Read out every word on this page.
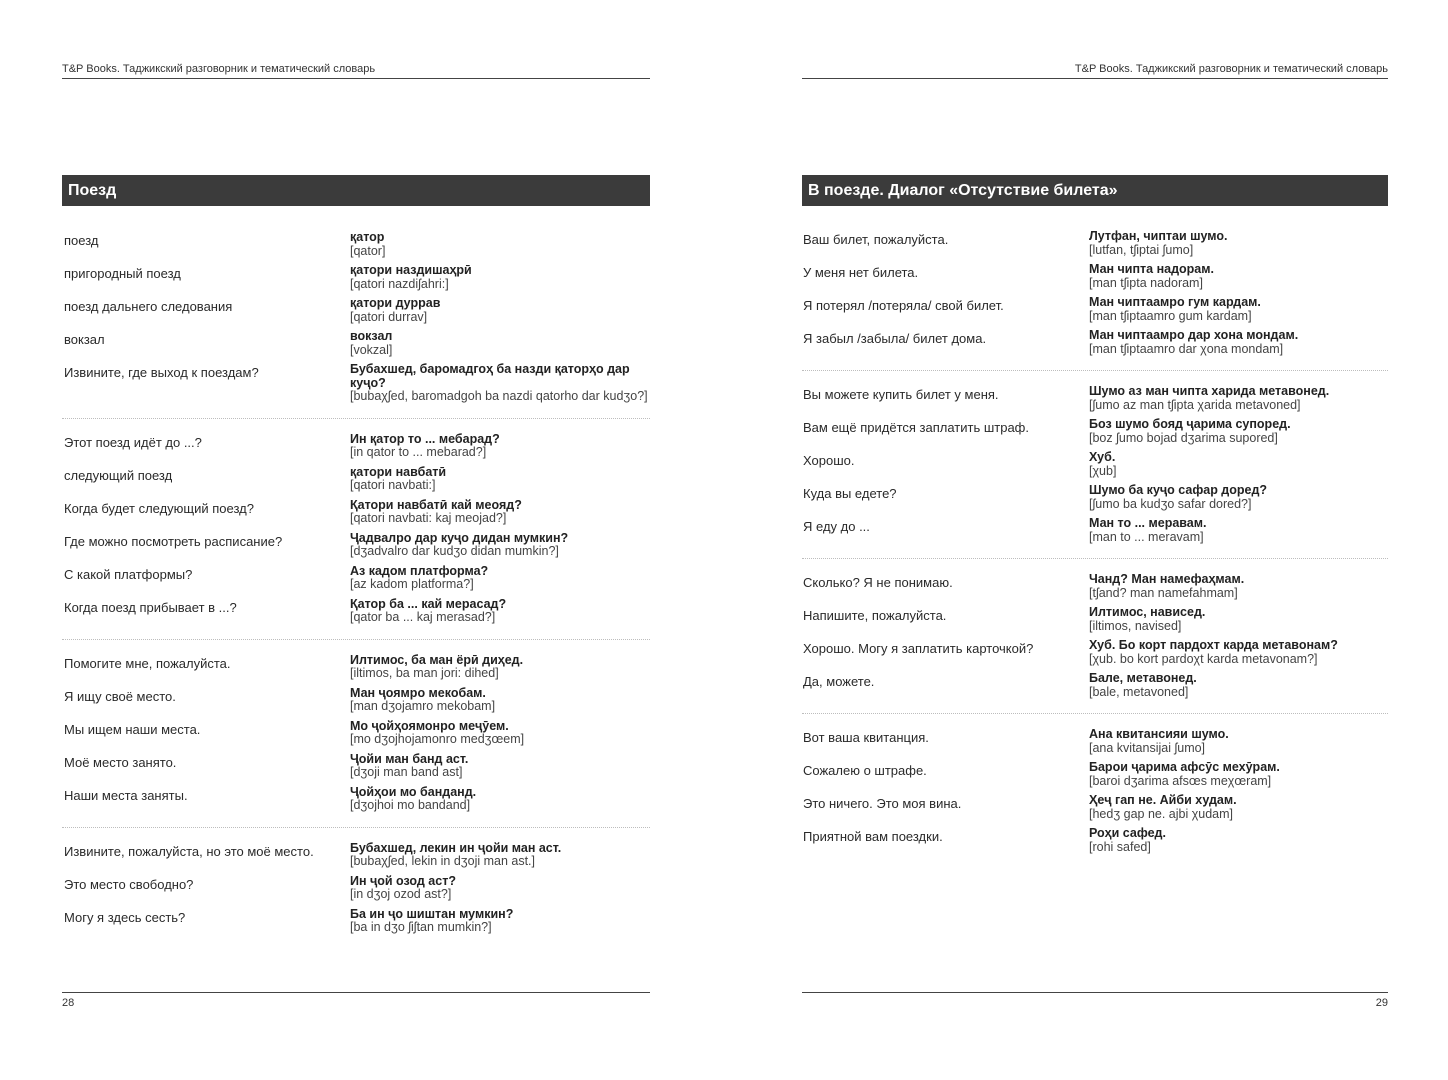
T&P Books. Таджикский разговорник и тематический словарь
Поезд
поезд	қатор
[qator]
пригородный поезд	қатори наздишаҳрӣ
[qatori nazdiʃahri:]
поезд дальнего следования	қатори дуррав
[qatori durrav]
вокзал	вокзал
[vokzal]
Извините, где выход к поездам?	Бубахшед, баромадгоҳ ба назди қаторҳо дар куҷо?
[bubaχʃed, baromadgoh ba nazdi qatorho dar kudʒo?]
Этот поезд идёт до ...?	Ин қатор то ... мебарад?
[in qator to ... mebarad?]
следующий поезд	қатори навбатӣ
[qatori navbati:]
Когда будет следующий поезд?	Қатори навбатӣ кай меояд?
[qatori navbati: kaj meojad?]
Где можно посмотреть расписание?	Ҷадвалро дар куҷо дидан мумкин?
[dʒadvalro dar kudʒo didan mumkin?]
С какой платформы?	Аз кадом платформа?
[az kadom platforma?]
Когда поезд прибывает в ...?	Қатор ба ... кай мерасад?
[qator ba ... kaj merasad?]
Помогите мне, пожалуйста.	Илтимос, ба ман ёрӣ диҳед.
[iltimos, ba man jori: dihed]
Я ищу своё место.	Ман ҷоямро мекобам.
[man dʒojamro mekobam]
Мы ищем наши места.	Мо ҷойҳоямонро меҷӯем.
[mo dʒojhojamonro medʒœem]
Моё место занято.	Ҷойи ман банд аст.
[dʒoji man band ast]
Наши места заняты.	Ҷойҳои мо банданд.
[dʒojhoi mo bandand]
Извините, пожалуйста, но это моё место.	Бубахшед, лекин ин ҷойи ман аст.
[bubaχʃed, lekin in dʒoji man ast.]
Это место свободно?	Ин ҷой озод аст?
[in dʒoj ozod ast?]
Могу я здесь сесть?	Ба ин ҷо шиштан мумкин?
[ba in dʒo ʃiʃtan mumkin?]
28
T&P Books. Таджикский разговорник и тематический словарь
В поезде. Диалог «Отсутствие билета»
Ваш билет, пожалуйста.	Лутфан, чиптаи шумо.
[lutfan, tʃiptai ʃumo]
У меня нет билета.	Ман чипта надорам.
[man tʃipta nadoram]
Я потерял /потеряла/ свой билет.	Ман чиптаамро гум кардам.
[man tʃiptaamro gum kardam]
Я забыл /забыла/ билет дома.	Ман чиптаамро дар хона мондам.
[man tʃiptaamro dar χona mondam]
Вы можете купить билет у меня.	Шумо аз ман чипта харида метавонед.
[ʃumo az man tʃipta χarida metavoned]
Вам ещё придётся заплатить штраф.	Боз шумо бояд ҷарима супоред.
[boz ʃumo bojad dʒarima supored]
Хорошо.	Хуб.
[χub]
Куда вы едете?	Шумо ба куҷо сафар доред?
[ʃumo ba kudʒo safar dored?]
Я еду до ...	Ман то ... меравам.
[man to ... meravam]
Сколько? Я не понимаю.	Чанд? Ман намефаҳмам.
[tʃand? man namefahmam]
Напишите, пожалуйста.	Илтимос, нависед.
[iltimos, navised]
Хорошо. Могу я заплатить карточкой?	Хуб. Бо корт пардохт карда метавонам?
[χub. bo kort pardoχt karda metavonam?]
Да, можете.	Бале, метавонед.
[bale, metavoned]
Вот ваша квитанция.	Ана квитансияи шумо.
[ana kvitansijai ʃumo]
Сожалею о штрафе.	Барои ҷарима афсӯс мехӯрам.
[baroi dʒarima afsœs meχœram]
Это ничего. Это моя вина.	Ҳеҷ гап не. Айби худам.
[hedʒ gap ne. ajbi χudam]
Приятной вам поездки.	Роҳи сафед.
[rohi safed]
29
